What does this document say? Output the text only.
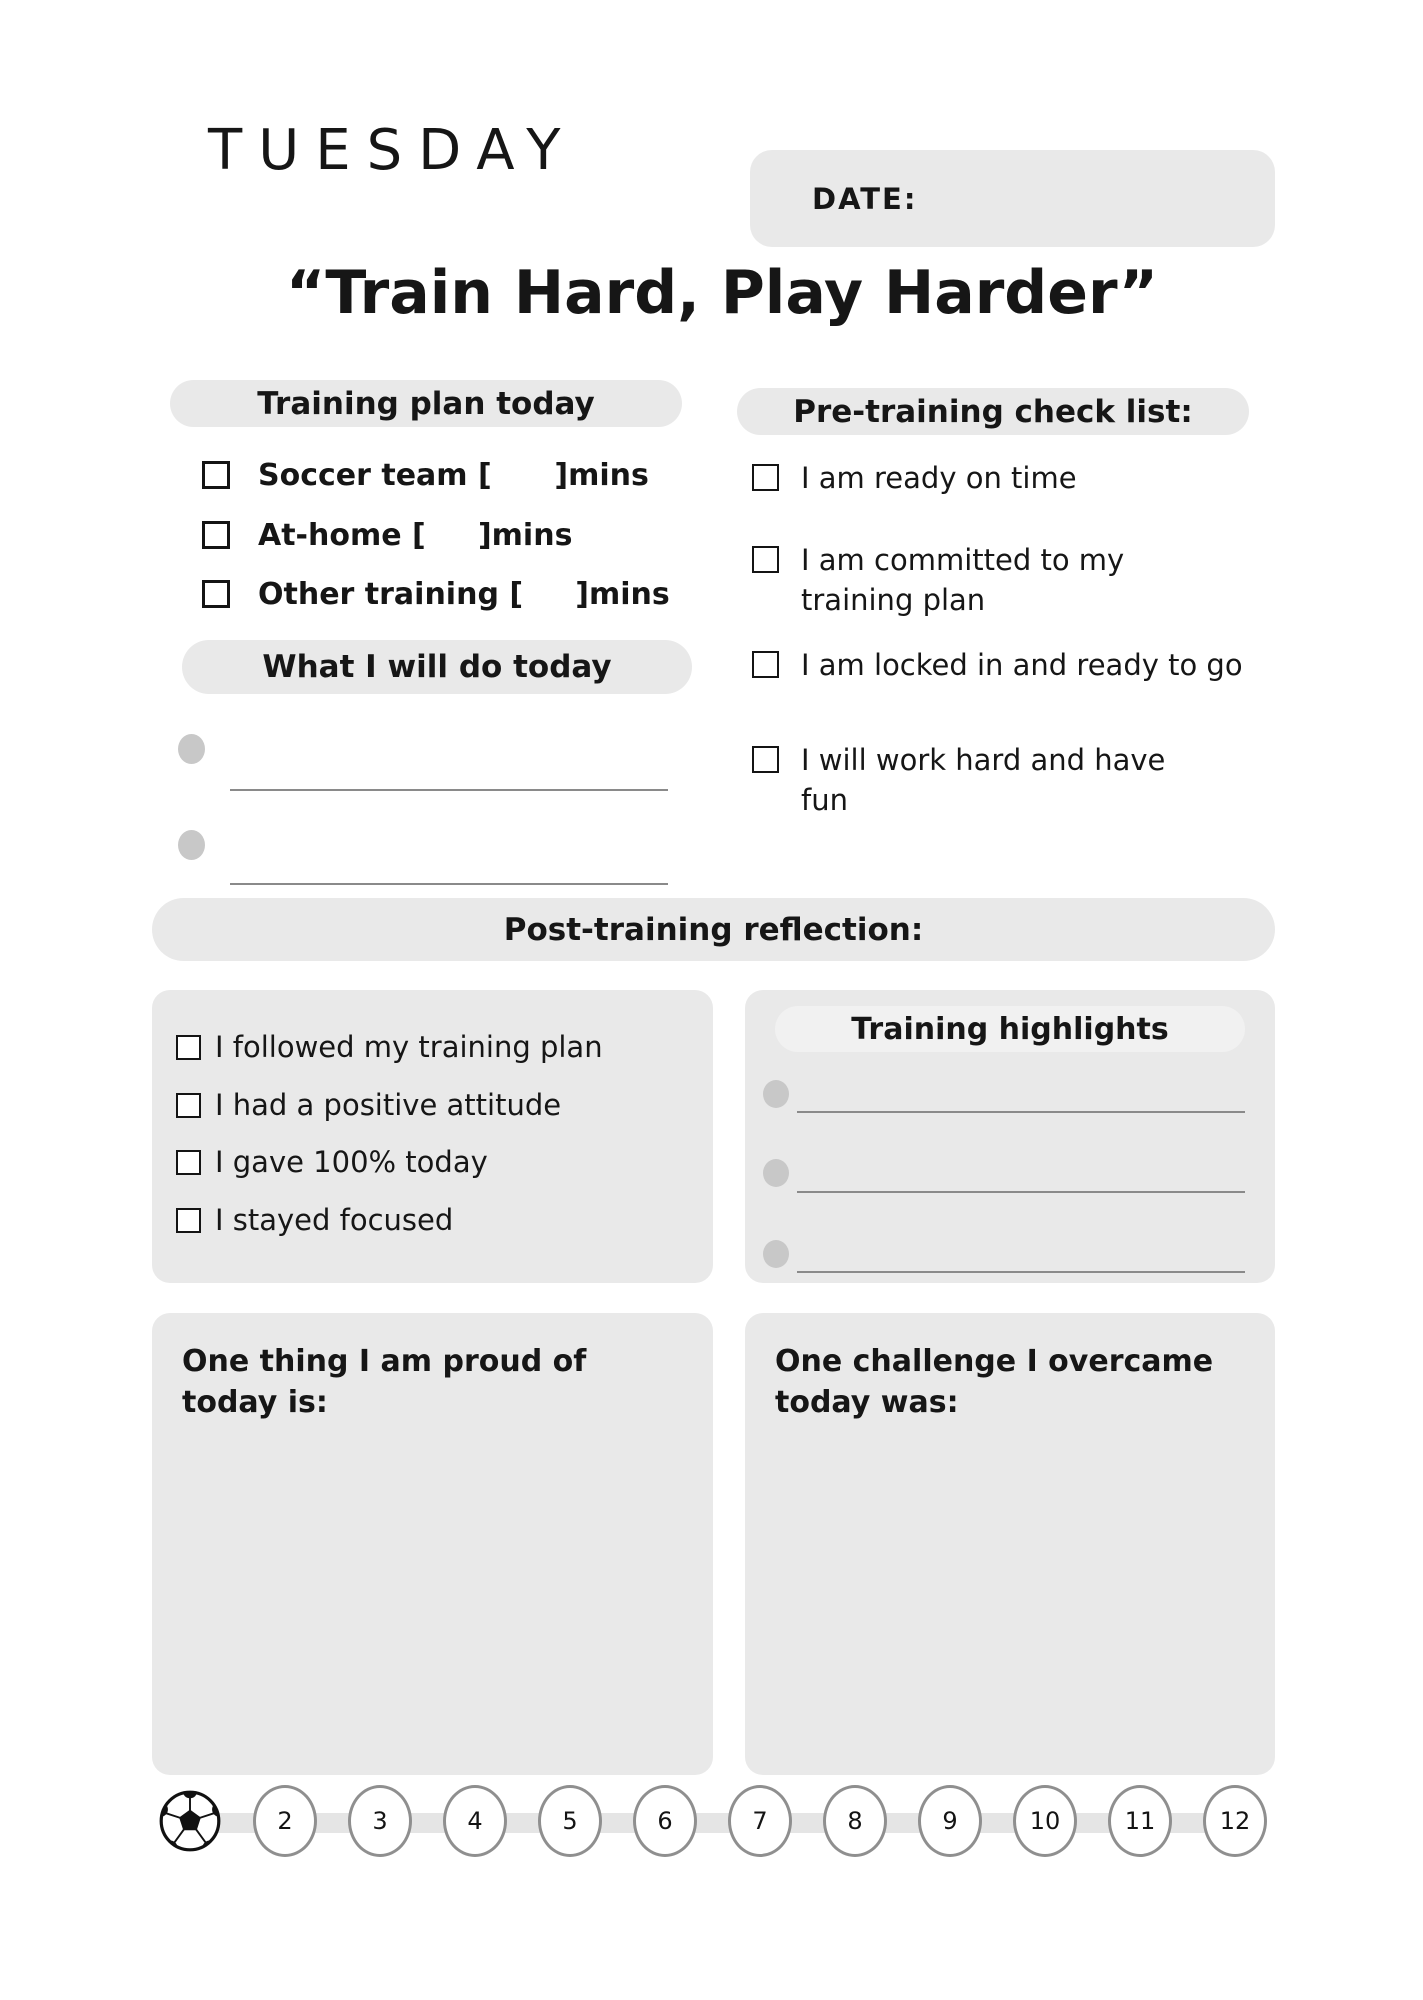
TUESDAY
DATE:
“Train Hard, Play Harder”
Training plan today
Soccer team [      ]mins
At-home [     ]mins
Other training [     ]mins
What I will do today
Pre-training check list:
I am ready on time
I am committed to my training plan
I am locked in and ready to go
I will work hard and have fun
Post-training reflection:
I followed my training plan
I had a positive attitude
I gave 100% today
I stayed focused
Training highlights
One thing I am proud of today is:
One challenge I overcame today was:
2	3	4	5	6	7	8	9	10	11	12
